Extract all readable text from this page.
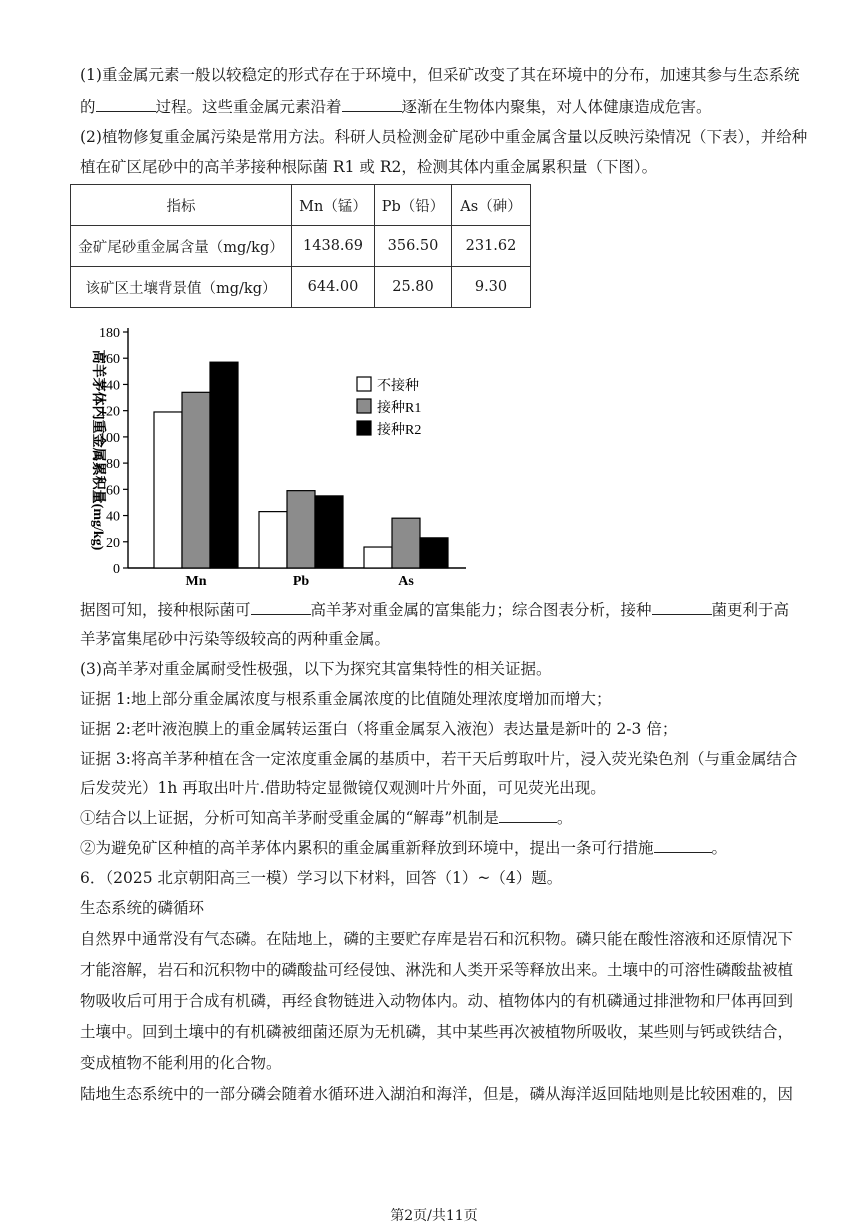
(1)重金属元素一般以较稳定的形式存在于环境中，但采矿改变了其在环境中的分布，加速其参与生态系统
的	过程。这些重金属元素沿着	逐渐在生物体内聚集，对人体健康造成危害。
(2)植物修复重金属污染是常用方法。科研人员检测金矿尾砂中重金属含量以反映污染情况（下表），并给种
植在矿区尾砂中的高羊茅接种根际菌 R1 或 R2，检测其体内重金属累积量（下图）。
指标	Mn（锰）	Pb（铅）	As（砷）
金矿尾砂重金属含量（mg/kg）	1438.69	356.50	231.62
该矿区土壤背景值（mg/kg）	644.00	25.80	9.30
0
20
40
60
80
100
120
140
160
180
高羊茅体内重金属累积量(mg/kg)
Mn	Pb	As
不接种
接种R1
接种R2
据图可知，接种根际菌可	高羊茅对重金属的富集能力；综合图表分析，接种	菌更利于高
羊茅富集尾砂中污染等级较高的两种重金属。
(3)高羊茅对重金属耐受性极强，以下为探究其富集特性的相关证据。
证据 1:地上部分重金属浓度与根系重金属浓度的比值随处理浓度增加而增大；
证据 2:老叶液泡膜上的重金属转运蛋白（将重金属泵入液泡）表达量是新叶的 2-3 倍；
证据 3:将高羊茅种植在含一定浓度重金属的基质中，若干天后剪取叶片，浸入荧光染色剂（与重金属结合
后发荧光）1h 再取出叶片.借助特定显微镜仅观测叶片外面，可见荧光出现。
①结合以上证据，分析可知高羊茅耐受重金属的“解毒”机制是	。
②为避免矿区种植的高羊茅体内累积的重金属重新释放到环境中，提出一条可行措施	。
6．（2025 北京朝阳高三一模）学习以下材料，回答（1）~（4）题。
生态系统的磷循环
自然界中通常没有气态磷。在陆地上，磷的主要贮存库是岩石和沉积物。磷只能在酸性溶液和还原情况下
才能溶解，岩石和沉积物中的磷酸盐可经侵蚀、淋洗和人类开采等释放出来。土壤中的可溶性磷酸盐被植
物吸收后可用于合成有机磷，再经食物链进入动物体内。动、植物体内的有机磷通过排泄物和尸体再回到
土壤中。回到土壤中的有机磷被细菌还原为无机磷，其中某些再次被植物所吸收，某些则与钙或铁结合，
变成植物不能利用的化合物。
陆地生态系统中的一部分磷会随着水循环进入湖泊和海洋，但是，磷从海洋返回陆地则是比较困难的，因
第2页/共11页
